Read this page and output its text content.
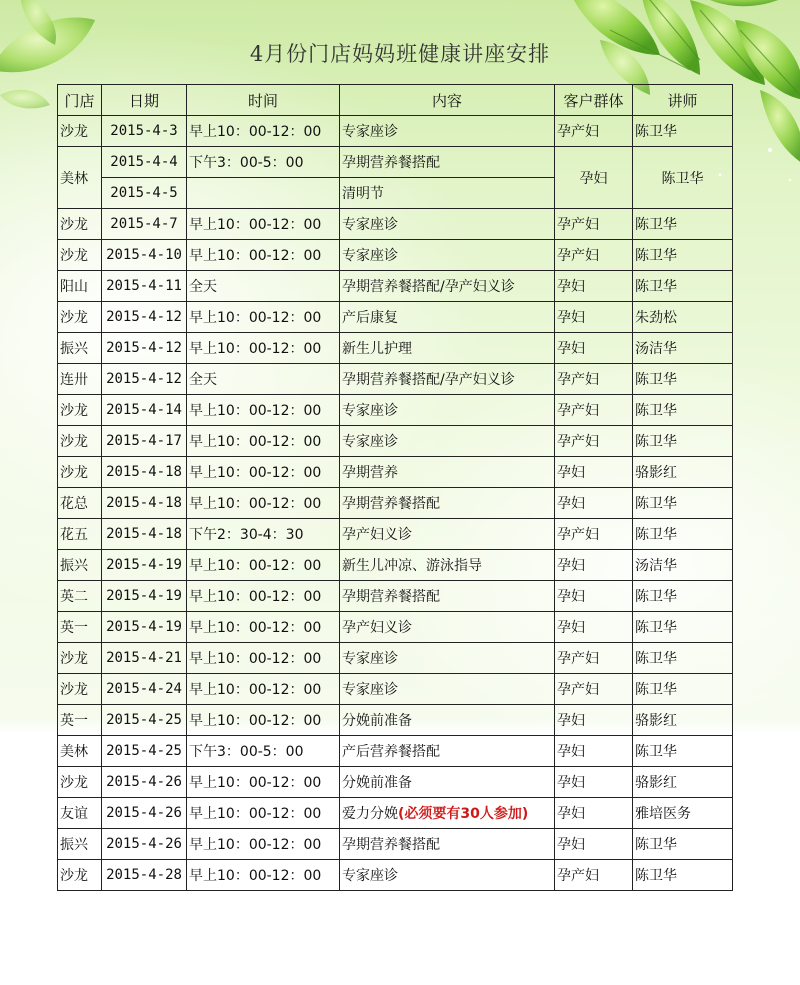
4月份门店妈妈班健康讲座安排
门店	日期	时间	内容	客户群体	讲师
沙龙	2015-4-3	早上10：00-12：00	专家座诊	孕产妇	陈卫华
美林	2015-4-4	下午3：00-5：00	孕期营养餐搭配	孕妇	陈卫华
	2015-4-5		清明节		
沙龙	2015-4-7	早上10：00-12：00	专家座诊	孕产妇	陈卫华
沙龙	2015-4-10	早上10：00-12：00	专家座诊	孕产妇	陈卫华
阳山	2015-4-11	全天	孕期营养餐搭配/孕产妇义诊	孕妇	陈卫华
沙龙	2015-4-12	早上10：00-12：00	产后康复	孕妇	朱劲松
振兴	2015-4-12	早上10：00-12：00	新生儿护理	孕妇	汤洁华
连卅	2015-4-12	全天	孕期营养餐搭配/孕产妇义诊	孕产妇	陈卫华
沙龙	2015-4-14	早上10：00-12：00	专家座诊	孕产妇	陈卫华
沙龙	2015-4-17	早上10：00-12：00	专家座诊	孕产妇	陈卫华
沙龙	2015-4-18	早上10：00-12：00	孕期营养	孕妇	骆影红
花总	2015-4-18	早上10：00-12：00	孕期营养餐搭配	孕妇	陈卫华
花五	2015-4-18	下午2：30-4：30	孕产妇义诊	孕产妇	陈卫华
振兴	2015-4-19	早上10：00-12：00	新生儿冲凉、游泳指导	孕妇	汤洁华
英二	2015-4-19	早上10：00-12：00	孕期营养餐搭配	孕妇	陈卫华
英一	2015-4-19	早上10：00-12：00	孕产妇义诊	孕妇	陈卫华
沙龙	2015-4-21	早上10：00-12：00	专家座诊	孕产妇	陈卫华
沙龙	2015-4-24	早上10：00-12：00	专家座诊	孕产妇	陈卫华
英一	2015-4-25	早上10：00-12：00	分娩前准备	孕妇	骆影红
美林	2015-4-25	下午3：00-5：00	产后营养餐搭配	孕妇	陈卫华
沙龙	2015-4-26	早上10：00-12：00	分娩前准备	孕妇	骆影红
友谊	2015-4-26	早上10：00-12：00	爱力分娩(必须要有30人参加)	孕妇	雅培医务
振兴	2015-4-26	早上10：00-12：00	孕期营养餐搭配	孕妇	陈卫华
沙龙	2015-4-28	早上10：00-12：00	专家座诊	孕产妇	陈卫华
